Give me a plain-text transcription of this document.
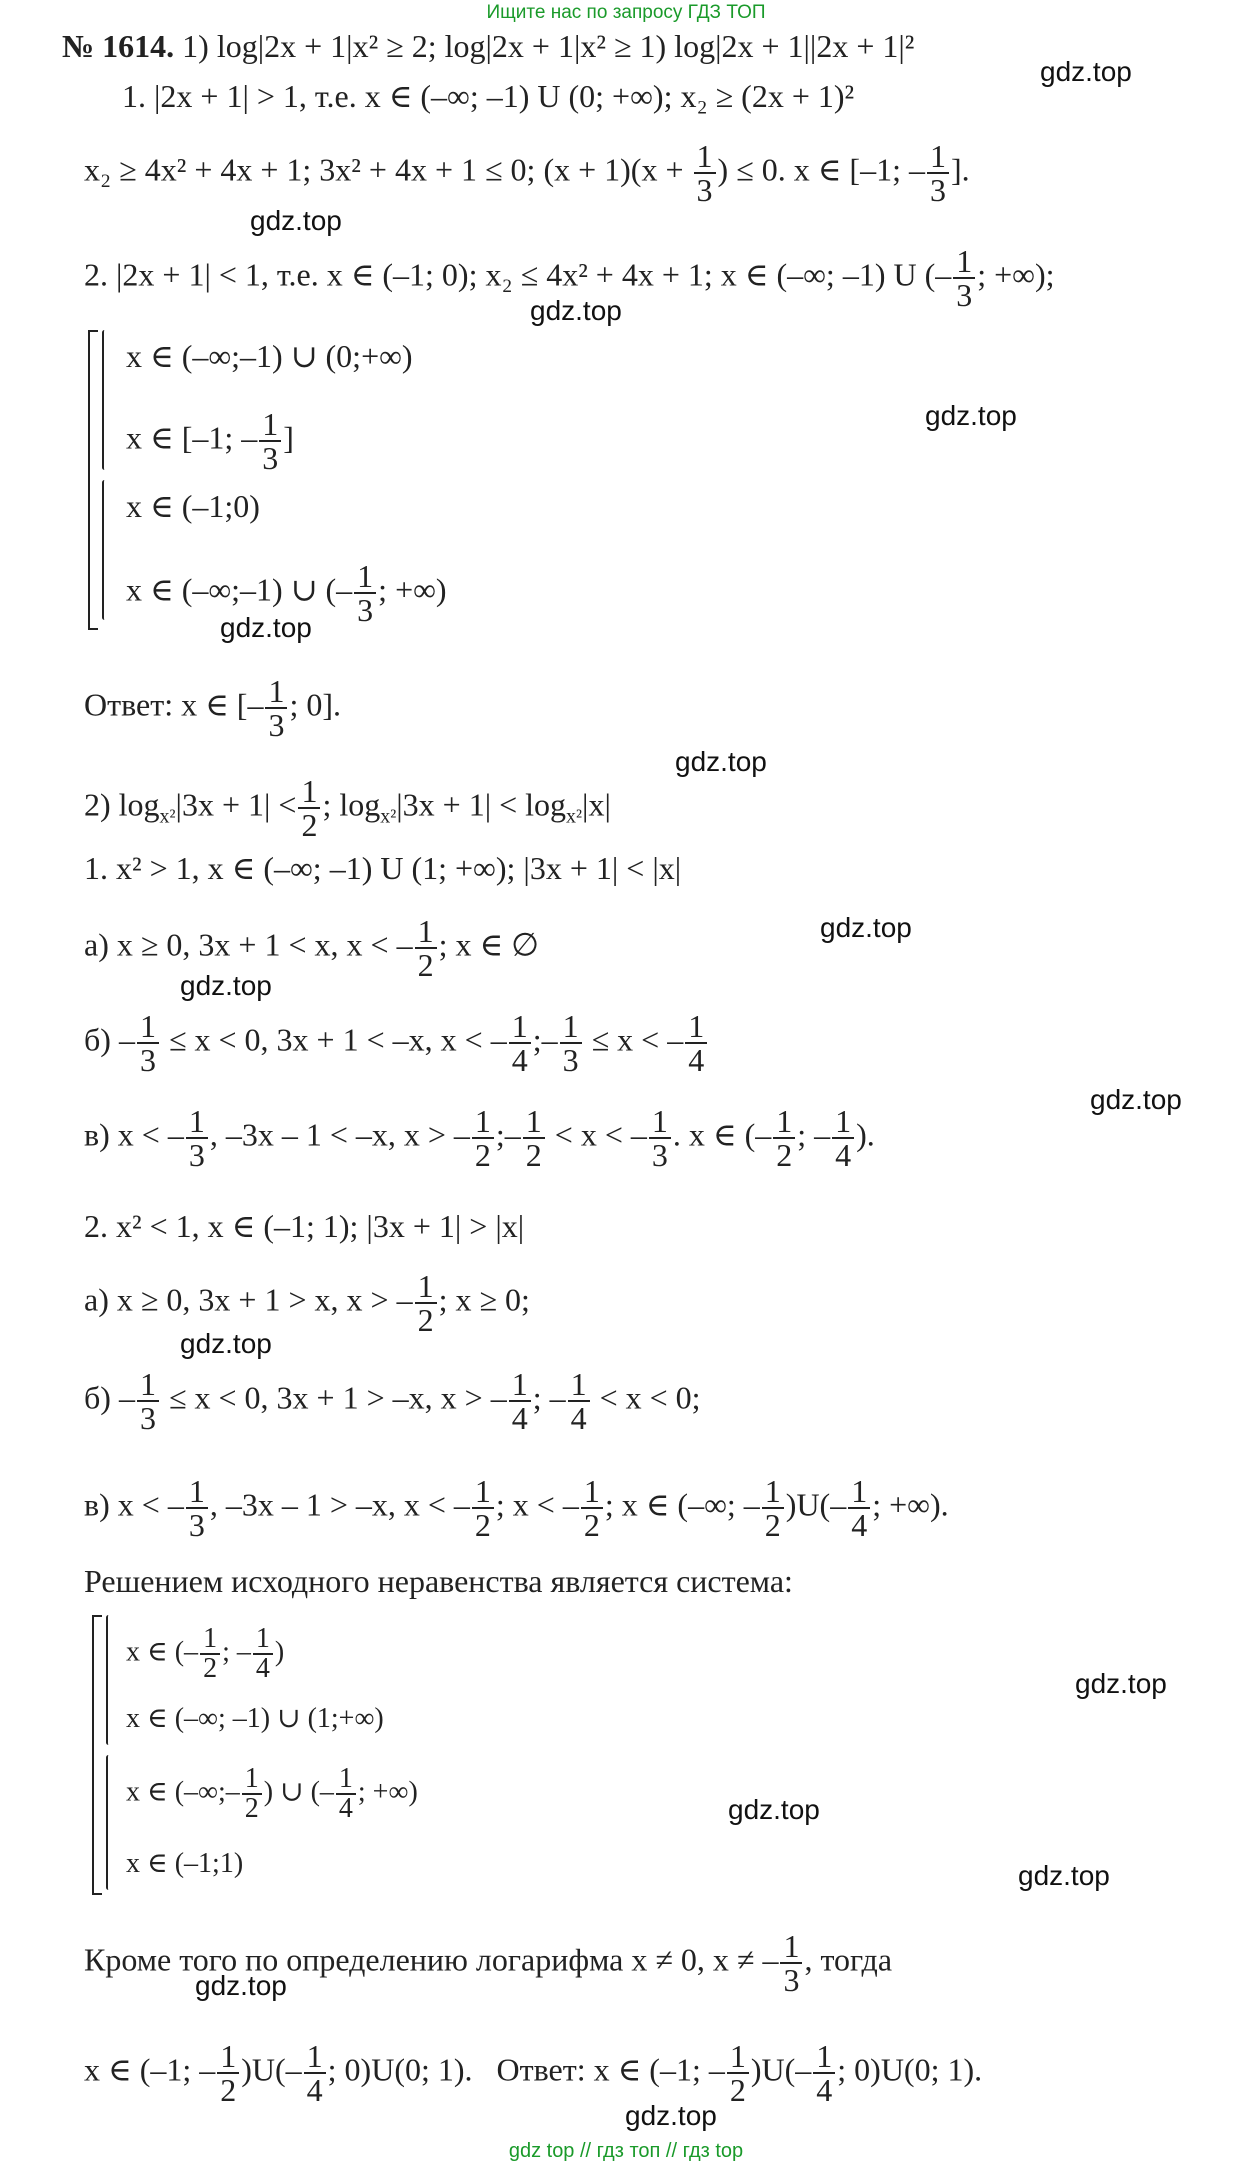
Ищите нас по запросу ГДЗ ТОП
gdz.top
gdz.top
gdz.top
gdz.top
gdz.top
gdz.top
gdz.top
gdz.top
gdz.top
gdz.top
gdz.top
gdz.top
gdz.top
gdz.top
gdz.top
№ 1614. 1) log|2x + 1|x² ≥ 2; log|2x + 1|x² ≥ 1) log|2x + 1||2x + 1|²
1. |2x + 1| > 1, т.е. x ∈ (–∞; –1) U (0; +∞); x₂ ≥ (2x + 1)²
x₂ ≥ 4x² + 4x + 1; 3x² + 4x + 1 ≤ 0; $(x + 1)(x + \frac{1}{3}$ ) ≤ 0. x ∈ [–1; – $\frac{1}{3}$ ].
2. |2x + 1| < 1, т.е. x ∈ (–1; 0); x₂ ≤ 4x² + 4x + 1; x ∈ (–∞; –1) U (– $\frac{1}{3}$ ; +∞);
x ∈ (–∞;–1) ∪ (0;+∞)
x ∈ [–1; – $\frac{1}{3}$ ]
x ∈ (–1;0)
x ∈ (–∞;–1) ∪ (– $\frac{1}{3}$ ; +∞)
Ответ: x ∈ [– $\frac{1}{3}$ ; 0].
2) $\log_{x^2}|3x + 1| < \frac{1}{2}$ ; $\log_{x^2}|3x + 1| < \log_{x^2}|x|$
1. x² > 1, x ∈ (–∞; –1) U (1; +∞); |3x + 1| < |x|
а) x ≥ 0, 3x + 1 < x, x < – $\frac{1}{2}$ ; x ∈ ∅
$б) - \frac{1}{3} \le x < 0$, 3x + 1 < –x, x < – $\frac{1}{4}$ ;– $\frac{1}{3} \le x$ < – $\frac{1}{4}$
в) x < – $\frac{1}{3}$ , –3x – 1 < –x, x > – $\frac{1}{2}$ ;– $\frac{1}{2} < x$ < – $\frac{1}{3}$ . x ∈ (– $\frac{1}{2}$ ; – $\frac{1}{4}$ ).
2. x² < 1, x ∈ (–1; 1); |3x + 1| > |x|
а) x ≥ 0, 3x + 1 > x, x > – $\frac{1}{2}$ ; x ≥ 0;
$б) - \frac{1}{3} \le x < 0$, 3x + 1 > –x, x > – $\frac{1}{4}$ ; – $\frac{1}{4} < x < 0$;
в) x < – $\frac{1}{3}$ , –3x – 1 > –x, x < – $\frac{1}{2}$ ; x < – $\frac{1}{2}$ ; x ∈ (–∞; – $\frac{1}{2} )U(- \frac{1}{4}$ ; +∞).
Решением исходного неравенства является система:
x ∈ (– $\frac{1}{2}$ ; – $\frac{1}{4}$ )
x ∈ (–∞; –1) ∪ (1;+∞)
x ∈ (–∞;– $\frac{1}{2}$ ) ∪ (– $\frac{1}{4}$ ; +∞)
x ∈ (–1;1)
Кроме того по определению логарифма x ≠ 0, x ≠ – $\frac{1}{3}$ , тогда
x ∈ (–1; – $\frac{1}{2} )U(- \frac{1}{4}$ ; 0)U(0; 1). Ответ: x ∈ (–1; – $\frac{1}{2} )U(- \frac{1}{4}$ ; 0)U(0; 1).
gdz top // гдз топ // гдз top
